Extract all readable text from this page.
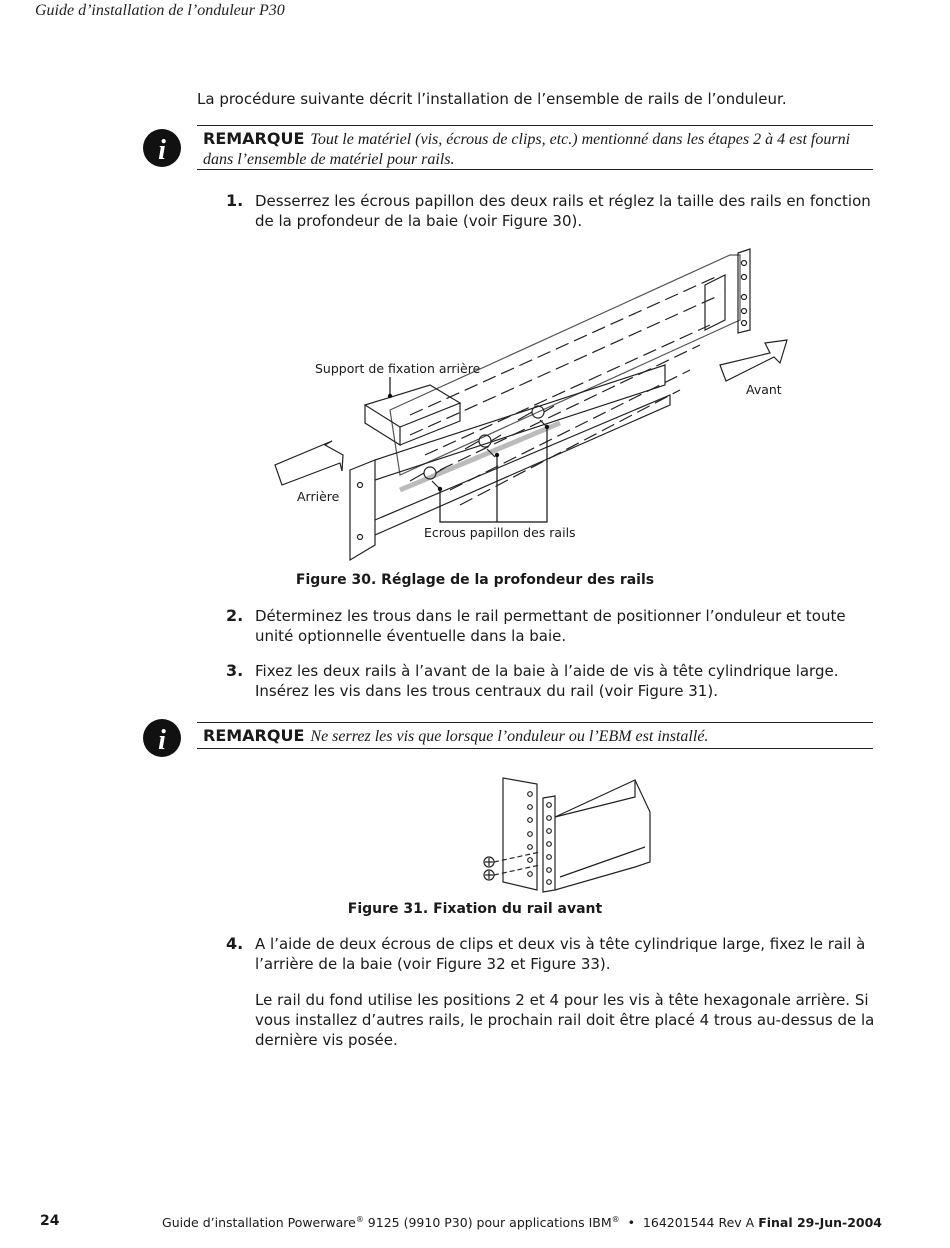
Guide d’installation de l’onduleur P30
La procédure suivante décrit l’installation de l’ensemble de rails de l’onduleur.
i REMARQUE Tout le matériel (vis, écrous de clips, etc.) mentionné dans les étapes 2 à 4 est fourni dans l’ensemble de matériel pour rails.
1. Desserrez les écrous papillon des deux rails et réglez la taille des rails en fonction de la profondeur de la baie (voir Figure 30).
Support de fixation arrière
Avant
Arrière
Ecrous papillon des rails
Figure 30. Réglage de la profondeur des rails
2. Déterminez les trous dans le rail permettant de positionner l’onduleur et toute unité optionnelle éventuelle dans la baie.
3. Fixez les deux rails à l’avant de la baie à l’aide de vis à tête cylindrique large. Insérez les vis dans les trous centraux du rail (voir Figure 31).
i REMARQUE Ne serrez les vis que lorsque l’onduleur ou l’EBM est installé.
Figure 31. Fixation du rail avant
4. A l’aide de deux écrous de clips et deux vis à tête cylindrique large, fixez le rail à l’arrière de la baie (voir Figure 32 et Figure 33).
Le rail du fond utilise les positions 2 et 4 pour les vis à tête hexagonale arrière. Si vous installez d’autres rails, le prochain rail doit être placé 4 trous au-dessus de la dernière vis posée.
24	Guide d’installation Powerware® 9125 (9910 P30) pour applications IBM®  •  164201544 Rev A Final 29-Jun-2004
